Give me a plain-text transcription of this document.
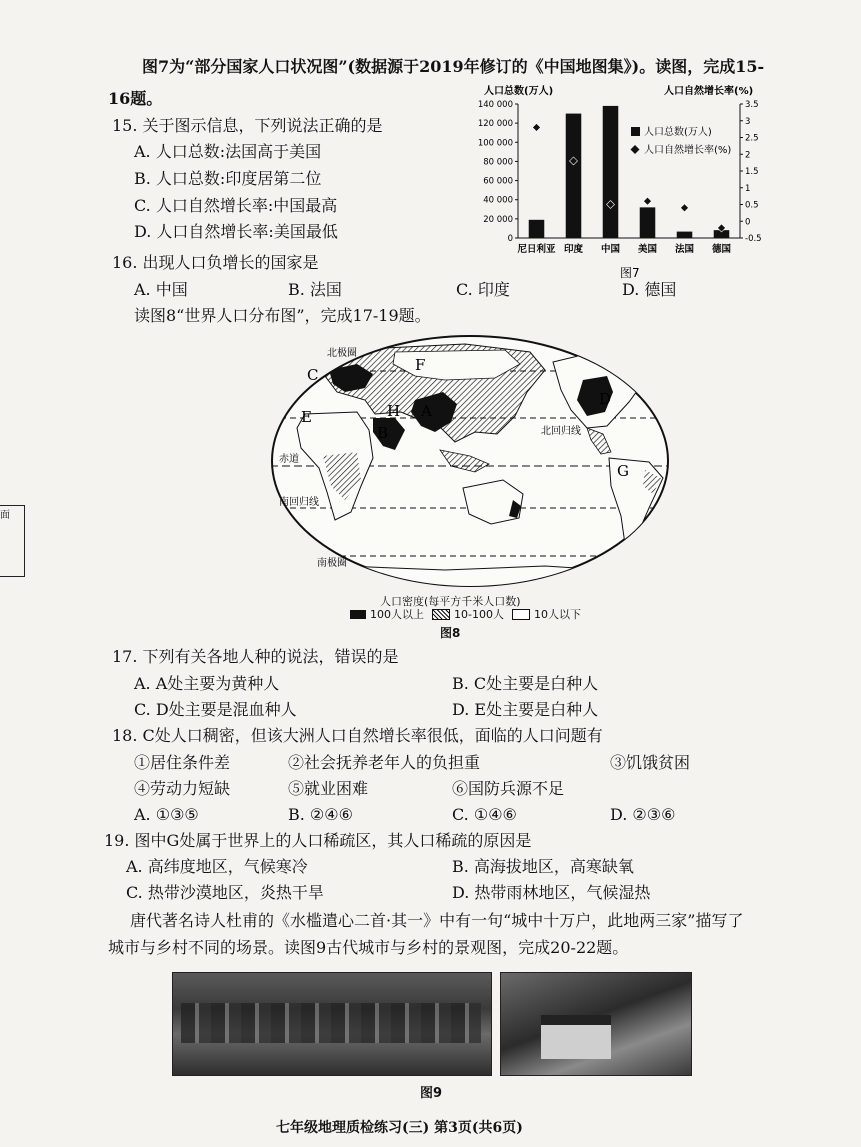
图7为“部分国家人口状况图”(数据源于2019年修订的《中国地图集》)。读图，完成15-
16题。
15. 关于图示信息，下列说法正确的是
A. 人口总数:法国高于美国
B. 人口总数:印度居第二位
C. 人口自然增长率:中国最高
D. 人口自然增长率:美国最低
人口总数(万人)	人口自然增长率(%)
0
20 000
40 000
60 000
80 000
100 000
120 000
140 000
-0.5
0
0.5
1
1.5
2
2.5
3
3.5
尼日利亚 印度 中国 美国 法国 德国
人口总数(万人)
人口自然增长率(%)
图7
16. 出现人口负增长的国家是
A. 中国	B. 法国	C. 印度	D. 德国
读图8“世界人口分布图”，完成17-19题。
北极圈
北回归线
赤道
南回归线
南极圈
A
B
C
D
E
F
G
H
人口密度(每平方千米人口数)
100人以上	10-100人	10人以下
图8
17. 下列有关各地人种的说法，错误的是
A. A处主要为黄种人	B. C处主要是白种人
C. D处主要是混血种人	D. E处主要是白种人
18. C处人口稠密，但该大洲人口自然增长率很低，面临的人口问题有
①居住条件差	②社会抚养老年人的负担重	③饥饿贫困
④劳动力短缺	⑤就业困难	⑥国防兵源不足
A. ①③⑤	B. ②④⑥	C. ①④⑥	D. ②③⑥
19. 图中G处属于世界上的人口稀疏区，其人口稀疏的原因是
A. 高纬度地区，气候寒冷	B. 高海拔地区，高寒缺氧
C. 热带沙漠地区，炎热干旱	D. 热带雨林地区，气候湿热
唐代著名诗人杜甫的《水槛遣心二首·其一》中有一句“城中十万户，此地两三家”描写了
城市与乡村不同的场景。读图9古代城市与乡村的景观图，完成20-22题。
图9
七年级地理质检练习(三) 第3页(共6页)
面
